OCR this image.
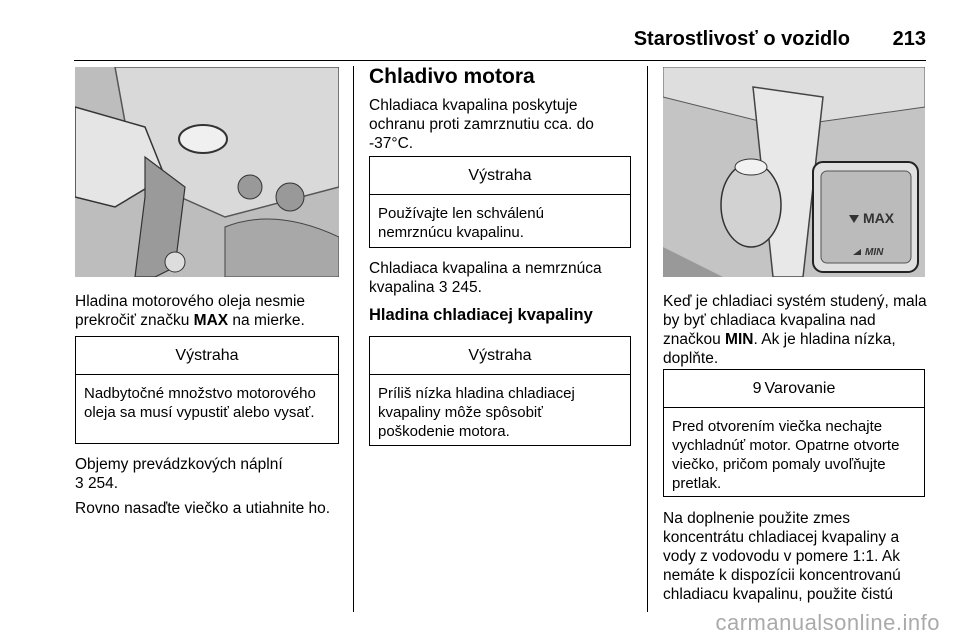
Starostlivosť o vozidlo 213

Hladina motorového oleja nesmie prekročiť značku MAX na mierke.

Výstraha
Nadbytočné množstvo motorového oleja sa musí vypustiť alebo vysať.

Objemy prevádzkových náplní
3 254.

Rovno nasaďte viečko a utiahnite ho.

Chladivo motora

Chladiaca kvapalina poskytuje ochranu proti zamrznutiu cca. do -37°C.

Výstraha
Používajte len schválenú nemrznúcu kvapalinu.

Chladiaca kvapalina a nemrznúca kvapalina 3 245.

Hladina chladiacej kvapaliny
Výstraha
Príliš nízka hladina chladiacej kvapaliny môže spôsobiť poškodenie motora.
MAX
MIN

Keď je chladiaci systém studený, mala by byť chladiaca kvapalina nad značkou MIN. Ak je hladina nízka, doplňte.

9 Varovanie
Pred otvorením viečka nechajte vychladnúť motor. Opatrne otvorte viečko, pričom pomaly uvoľňujte pretlak.

Na doplnenie použite zmes koncentrátu chladiacej kvapaliny a vody z vodovodu v pomere 1:1. Ak nemáte k dispozícii koncentrovanú chladiacu kvapalinu, použite čistú

carmanualsonline.info
